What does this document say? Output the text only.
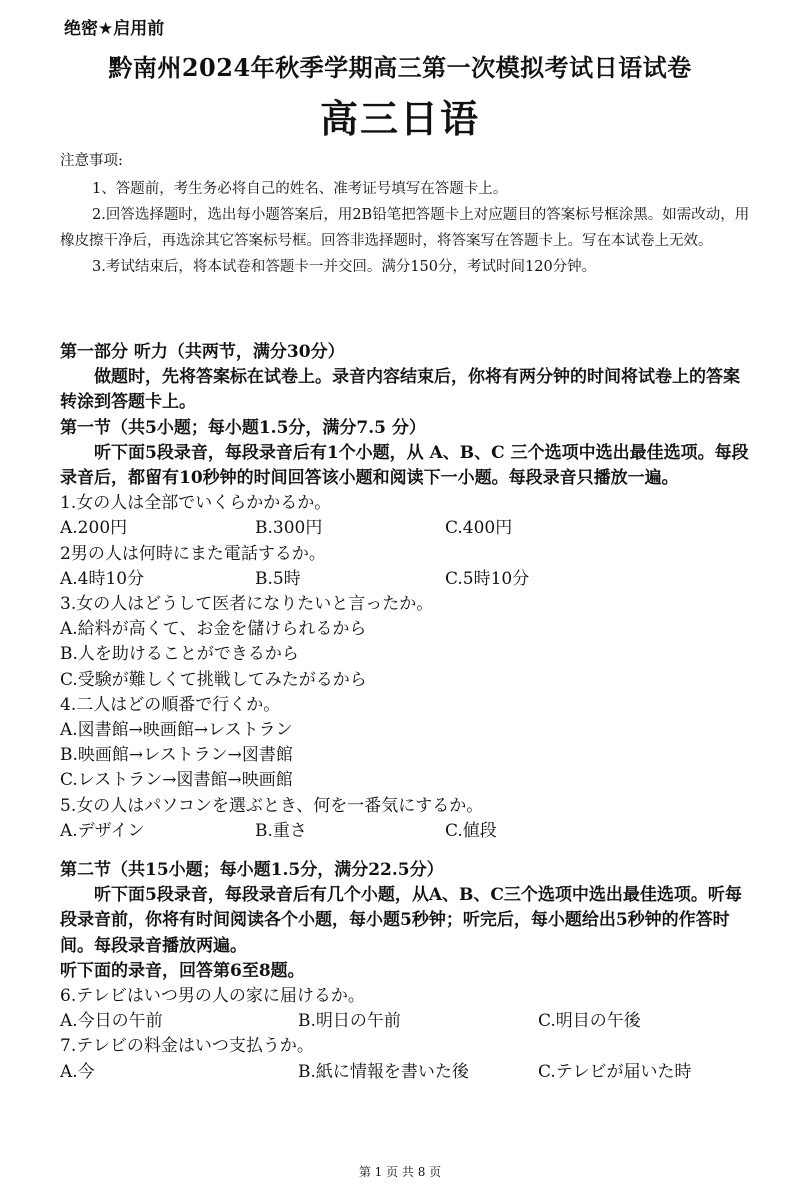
绝密★启用前
黔南州2024年秋季学期高三第一次模拟考试日语试卷
高三日语
注意事项:
1、答题前，考生务必将自己的姓名、准考证号填写在答题卡上。
2.回答选择题时，选出每小题答案后，用2B铅笔把答题卡上对应题目的答案标号框涂黑。如需改动，用橡皮擦干净后，再选涂其它答案标号框。回答非选择题时，将答案写在答题卡上。写在本试卷上无效。
3.考试结束后，将本试卷和答题卡一并交回。满分150分，考试时间120分钟。
第一部分 听力（共两节，满分30分）
做题时，先将答案标在试卷上。录音内容结束后，你将有两分钟的时间将试卷上的答案转涂到答题卡上。
第一节（共5小题；每小题1.5分，满分7.5 分）
听下面5段录音，每段录音后有1个小题，从 A、B、C 三个选项中选出最佳选项。每段录音后，都留有10秒钟的时间回答该小题和阅读下一小题。每段录音只播放一遍。
1.女の人は全部でいくらかかるか。
A.200円	B.300円	C.400円
2男の人は何時にまた電話するか。
A.4時10分	B.5時	C.5時10分
3.女の人はどうして医者になりたいと言ったか。
A.給料が高くて、お金を儲けられるから
B.人を助けることができるから
C.受験が難しくて挑戦してみたがるから
4.二人はどの順番で行くか。
A.図書館→映画館→レストラン
B.映画館→レストラン→図書館
C.レストラン→図書館→映画館
5.女の人はパソコンを選ぶとき、何を一番気にするか。
A.デザイン	B.重さ	C.値段
第二节（共15小题；每小题1.5分，满分22.5分）
听下面5段录音，每段录音后有几个小题，从A、B、C三个选项中选出最佳选项。听每段录音前，你将有时间阅读各个小题，每小题5秒钟；听完后，每小题给出5秒钟的作答时间。每段录音播放两遍。
听下面的录音，回答第6至8题。
6.テレビはいつ男の人の家に届けるか。
A.今日の午前	B.明日の午前	C.明目の午後
7.テレビの料金はいつ支払うか。
A.今	B.紙に情報を書いた後	C.テレビが届いた時
第 1 页 共 8 页
